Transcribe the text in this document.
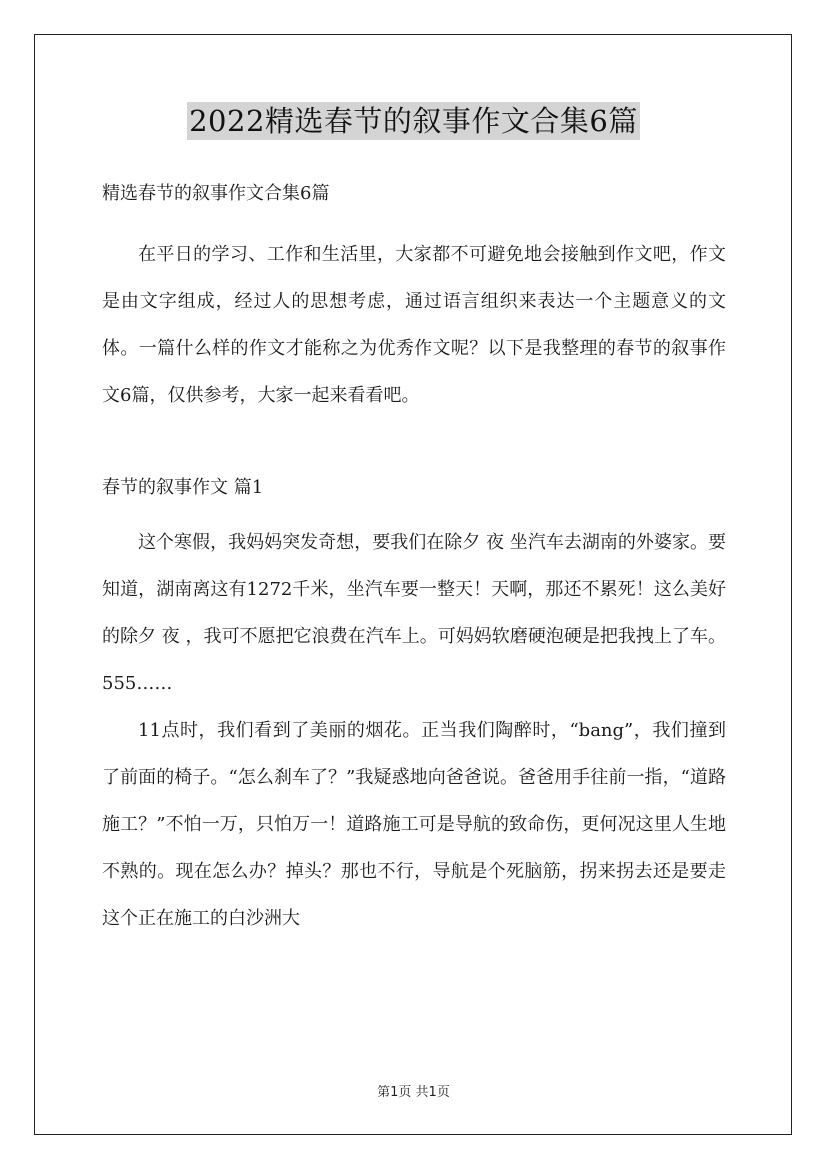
2022精选春节的叙事作文合集6篇
精选春节的叙事作文合集6篇

在平日的学习、工作和生活里，大家都不可避免地会接触到作文吧，作文是由文字组成，经过人的思想考虑，通过语言组织来表达一个主题意义的文体。一篇什么样的作文才能称之为优秀作文呢？以下是我整理的春节的叙事作文6篇，仅供参考，大家一起来看看吧。

春节的叙事作文 篇1

这个寒假，我妈妈突发奇想，要我们在除夕 夜 坐汽车去湖南的外婆家。要知道，湖南离这有1272千米，坐汽车要一整天！天啊，那还不累死！这么美好的除夕 夜 ，我可不愿把它浪费在汽车上。可妈妈软磨硬泡硬是把我拽上了车。555……

11点时，我们看到了美丽的烟花。正当我们陶醉时，“bang”，我们撞到了前面的椅子。“怎么刹车了？”我疑惑地向爸爸说。爸爸用手往前一指，“道路施工？”不怕一万，只怕万一！道路施工可是导航的致命伤，更何况这里人生地不熟的。现在怎么办？掉头？那也不行，导航是个死脑筋，拐来拐去还是要走这个正在施工的白沙洲大

第1页 共1页
